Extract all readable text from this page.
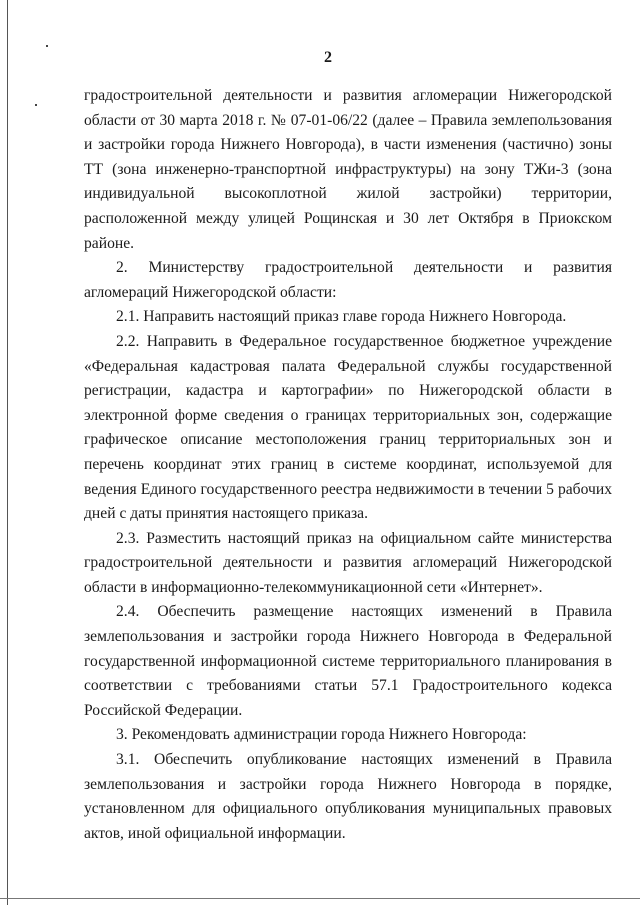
2

градостроительной деятельности и развития агломерации Нижегородской области от 30 марта 2018 г. № 07-01-06/22 (далее – Правила землепользования и застройки города Нижнего Новгорода), в части изменения (частично) зоны ТТ (зона инженерно-транспортной инфраструктуры) на зону ТЖи-3 (зона индивидуальной высокоплотной жилой застройки) территории, расположенной между улицей Рощинская и 30 лет Октября в Приокском районе.

2. Министерству градостроительной деятельности и развития агломераций Нижегородской области:

2.1. Направить настоящий приказ главе города Нижнего Новгорода.

2.2. Направить в Федеральное государственное бюджетное учреждение «Федеральная кадастровая палата Федеральной службы государственной регистрации, кадастра и картографии» по Нижегородской области в электронной форме сведения о границах территориальных зон, содержащие графическое описание местоположения границ территориальных зон и перечень координат этих границ в системе координат, используемой для ведения Единого государственного реестра недвижимости в течении 5 рабочих дней с даты принятия настоящего приказа.

2.3. Разместить настоящий приказ на официальном сайте министерства градостроительной деятельности и развития агломераций Нижегородской области в информационно-телекоммуникационной сети «Интернет».

2.4. Обеспечить размещение настоящих изменений в Правила землепользования и застройки города Нижнего Новгорода в Федеральной государственной информационной системе территориального планирования в соответствии с требованиями статьи 57.1 Градостроительного кодекса Российской Федерации.

3. Рекомендовать администрации города Нижнего Новгорода:

3.1. Обеспечить опубликование настоящих изменений в Правила землепользования и застройки города Нижнего Новгорода в порядке, установленном для официального опубликования муниципальных правовых актов, иной официальной информации.
